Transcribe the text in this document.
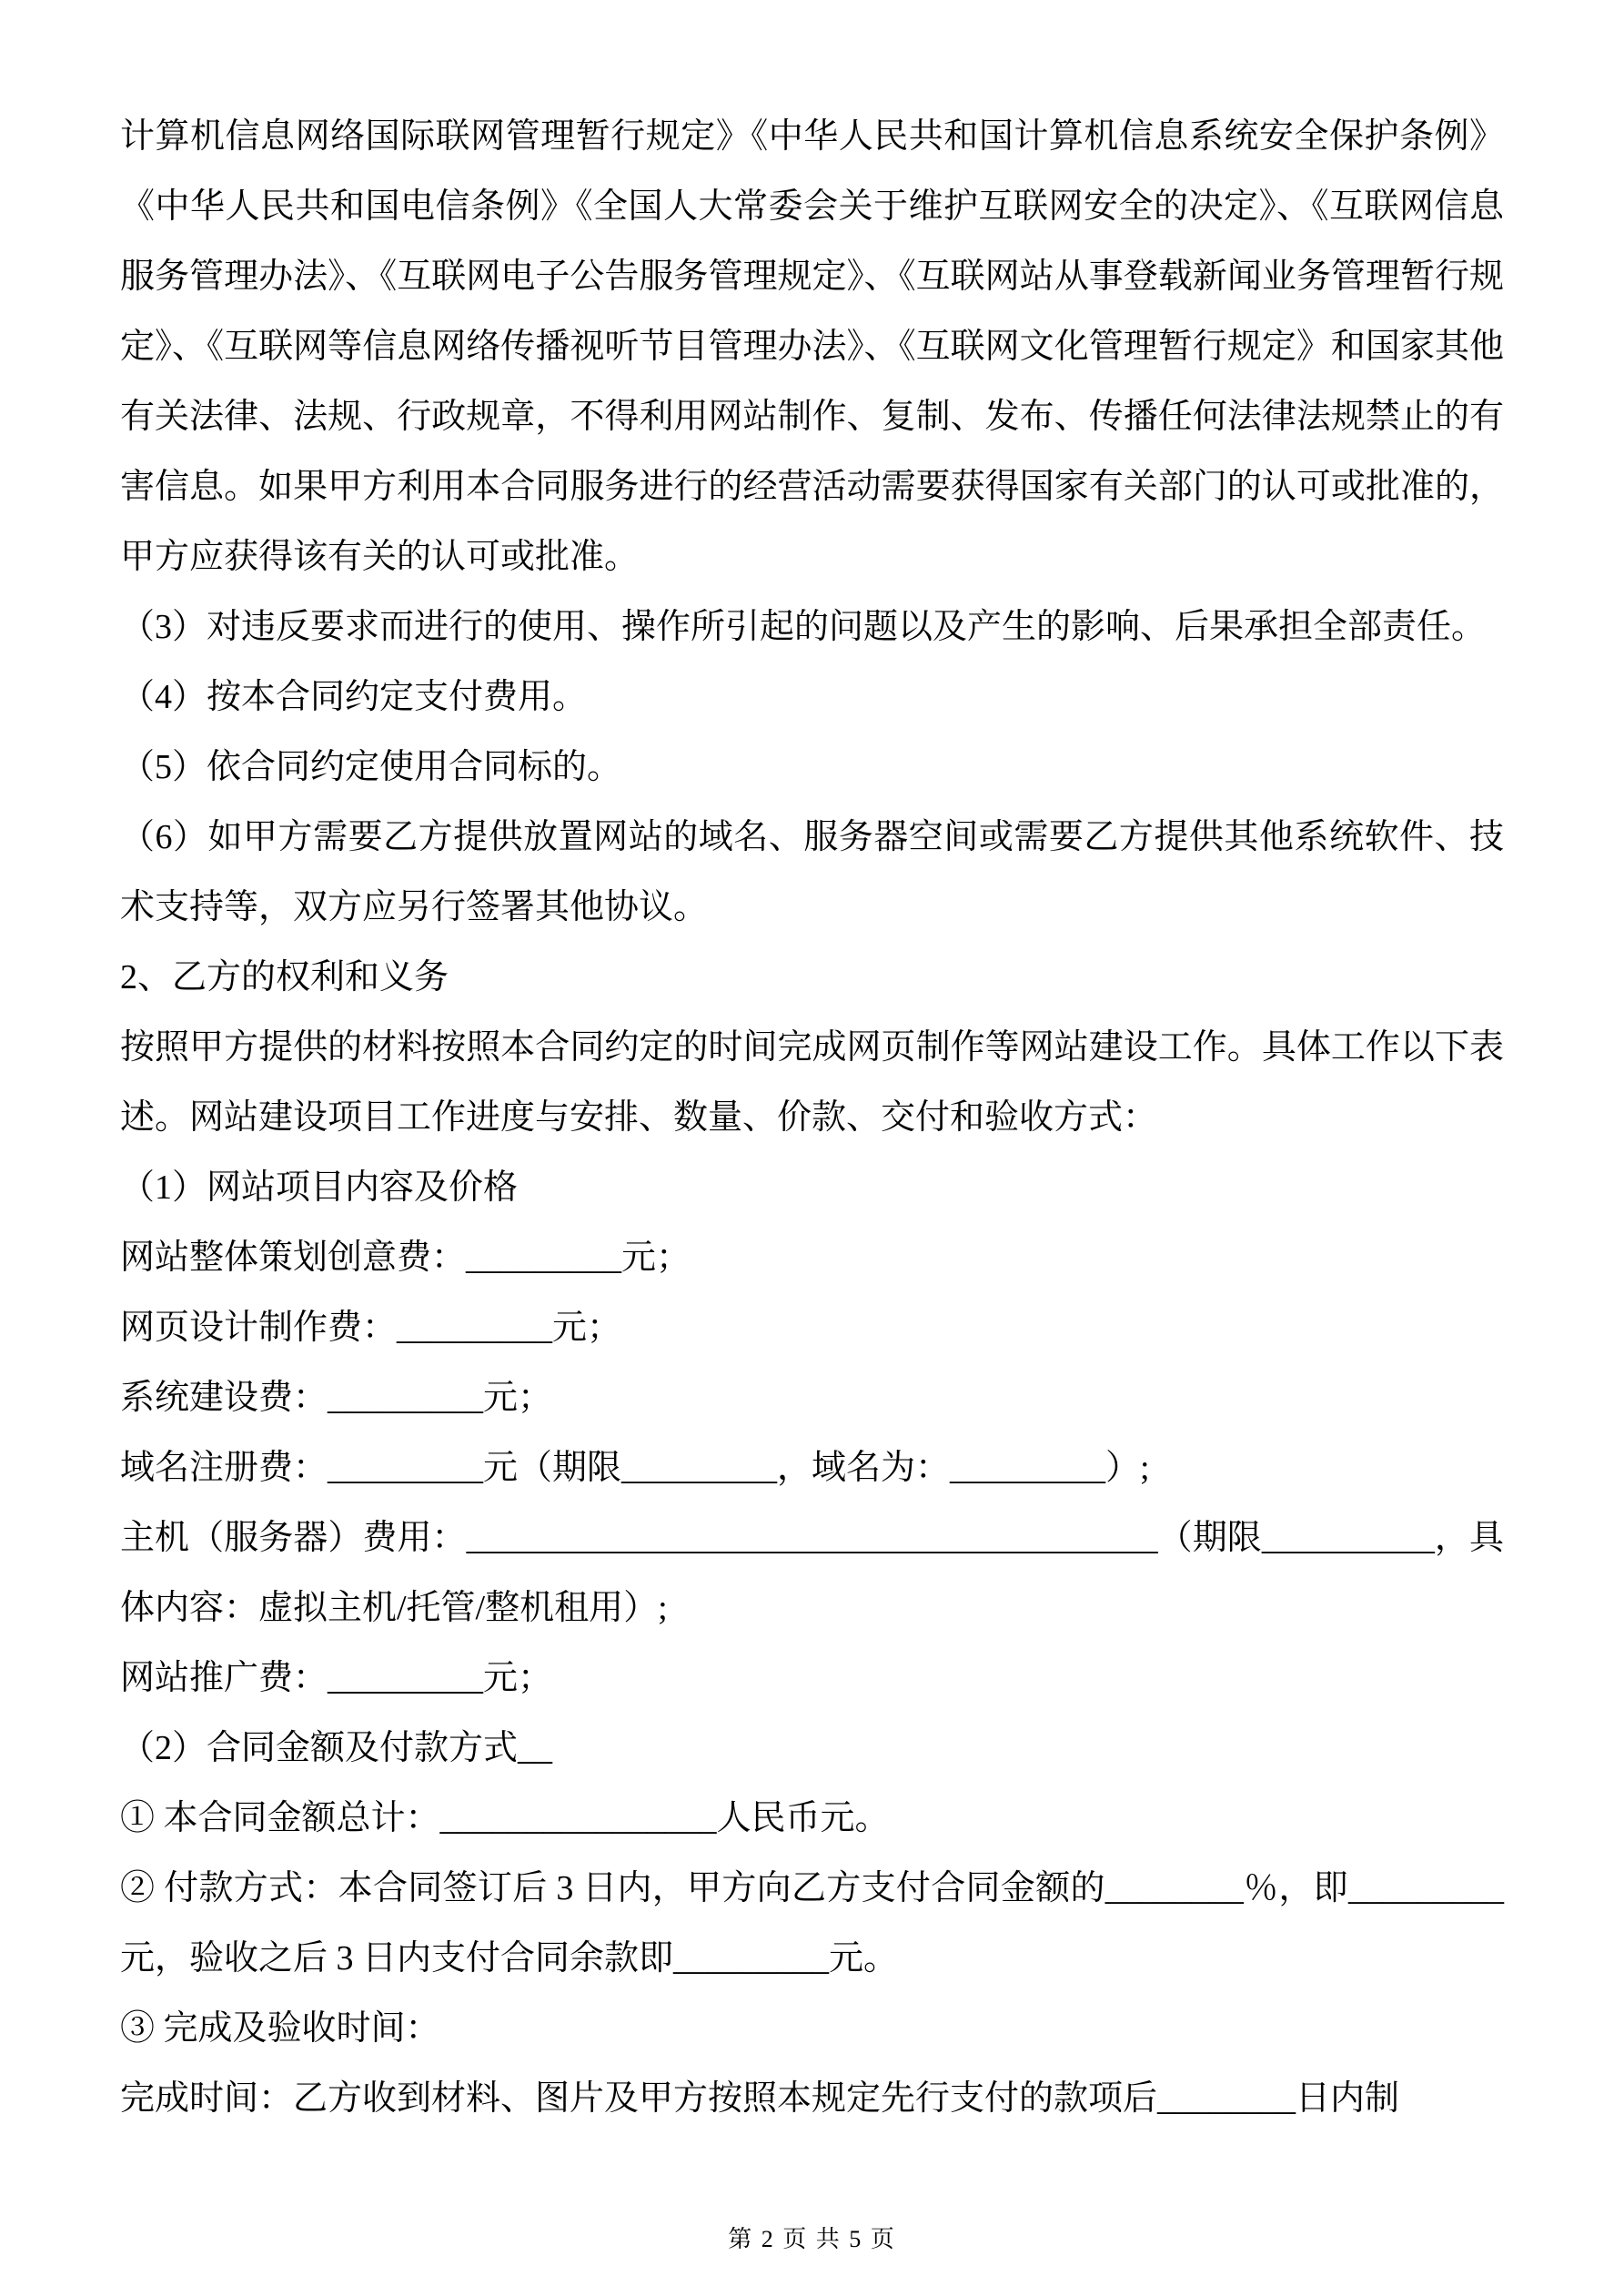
计算机信息网络国际联网管理暂行规定》《中华人民共和国计算机信息系统安全保护条例》《中华人民共和国电信条例》《全国人大常委会关于维护互联网安全的决定》、《互联网信息服务管理办法》、《互联网电子公告服务管理规定》、《互联网站从事登载新闻业务管理暂行规定》、《互联网等信息网络传播视听节目管理办法》、《互联网文化管理暂行规定》和国家其他有关法律、法规、行政规章，不得利用网站制作、复制、发布、传播任何法律法规禁止的有害信息。如果甲方利用本合同服务进行的经营活动需要获得国家有关部门的认可或批准的，甲方应获得该有关的认可或批准。

（3）对违反要求而进行的使用、操作所引起的问题以及产生的影响、后果承担全部责任。

（4）按本合同约定支付费用。

（5）依合同约定使用合同标的。

（6）如甲方需要乙方提供放置网站的域名、服务器空间或需要乙方提供其他系统软件、技术支持等，双方应另行签署其他协议。

2、乙方的权利和义务

按照甲方提供的材料按照本合同约定的时间完成网页制作等网站建设工作。具体工作以下表述。网站建设项目工作进度与安排、数量、价款、交付和验收方式：

（1）网站项目内容及价格

网站整体策划创意费：_________元；

网页设计制作费：_________元；

系统建设费：_________元；

域名注册费：_________元（期限_________，域名为：_________）;

主机（服务器）费用：________________________________________（期限__________，具体内容：虚拟主机/托管/整机租用）;

网站推广费：_________元；

（2）合同金额及付款方式__

① 本合同金额总计：________________人民币元。

② 付款方式：本合同签订后 3 日内，甲方向乙方支付合同金额的________％，即_________元，验收之后 3 日内支付合同余款即_________元。

③ 完成及验收时间：

完成时间：乙方收到材料、图片及甲方按照本规定先行支付的款项后________日内制

第 2 页 共 5 页
